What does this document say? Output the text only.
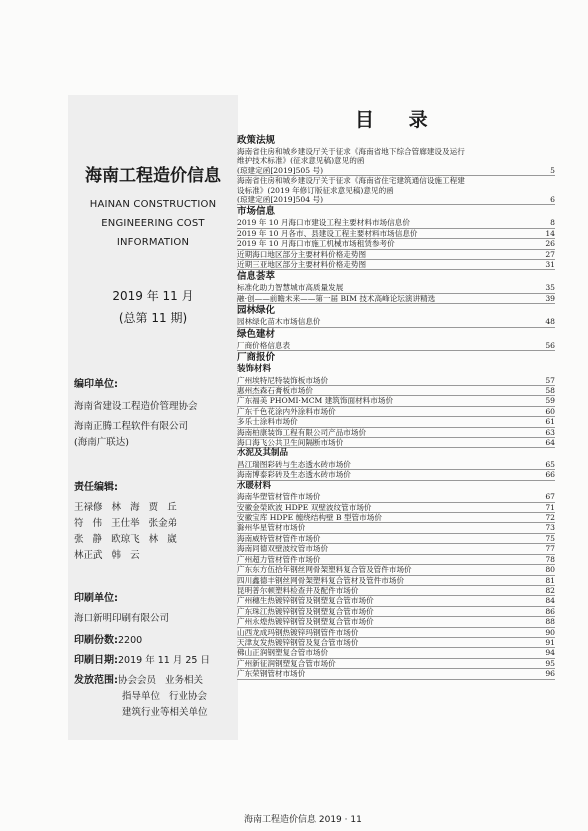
海南工程造价信息
HAINAN CONSTRUCTION
ENGINEERING COST
INFORMATION
2019 年 11 月
(总第 11 期)
编印单位:
海南省建设工程造价管理协会
海南正腾工程软件有限公司
(海南广联达)
责任编辑:
王禄修   林   海   贾   丘
符   伟   王仕举   张金弟
张   静   欧琼飞   林   崴
林正武   韩   云
印刷单位:
海口新明印刷有限公司
印刷份数:2200
印刷日期:2019 年 11 月 25 日
发放范围:协会会员   业务相关
指导单位   行业协会
建筑行业等相关单位
目 录
政策法规
海南省住房和城乡建设厅关于征求《海南省地下综合管廊建设及运行
维护技术标准》(征求意见稿)意见的函
(琼建定函[2019]505 号)	5
海南省住房和城乡建设厅关于征求《海南省住宅建筑通信设施工程建
设标准》(2019 年修订版征求意见稿)意见的函
(琼建定函[2019]504 号)	6
市场信息
2019 年 10 月海口市建设工程主要材料市场信息价	8
2019 年 10 月各市、县建设工程主要材料市场信息价	14
2019 年 10 月海口市施工机械市场租赁参考价	26
近期海口地区部分主要材料价格走势图	27
近期三亚地区部分主要材料价格走势图	31
信息荟萃
标准化助力智慧城市高质量发展	35
融·创——前瞻未来——第一届 BIM 技术高峰论坛演讲精选	39
园林绿化
园林绿化苗木市场信息价	48
绿色建材
厂商价格信息表	56
厂商报价
装饰材料
广州埃特尼特装饰板市场价	57
惠州杰森石膏板市场价	58
广东福美 PHOMI·MCM 建筑饰面材料市场价	59
广东千色花涂内外涂料市场价	60
多乐士涂料市场价	61
海南柏康装饰工程有限公司产品市场价	63
海口海飞公共卫生间隔断市场价	64
水泥及其制品
昌江瑞图彩砖与生态透水砖市场价	65
海南博泰彩砖及生态透水砖市场价	66
水暖材料
海南华塑管材管件市场价	67
安徽金榮欧波 HDPE 双壁波纹管市场价	71
安徽宝库 HDPE 缠绕结构壁 B 型管市场价	72
滁州华星管材市场价	73
海南威特管材管件市场价	75
海南同德双壁波纹管市场价	77
广州超力管材管件市场价	78
广东东方伍拾年钢丝网骨架塑料复合管及管件市场价	80
四川鑫德丰钢丝网骨架塑料复合管材及管件市场价	81
昆明普尔顿塑料检查井及配件市场价	82
广州穗生热镀锌钢管及钢塑复合管市场价	84
广东珠江热镀锌钢管及钢塑复合管市场价	86
广州永煌热镀锌钢管及钢塑复合管市场价	88
山西龙成玛钢热镀锌玛钢管件市场价	90
天津友发热镀锌钢管及复合管市场价	91
佛山正润钢塑复合管市场价	94
广州新征润钢塑复合管市场价	95
广东荣钢管材市场价	96
海南工程造价信息 2019 · 11
